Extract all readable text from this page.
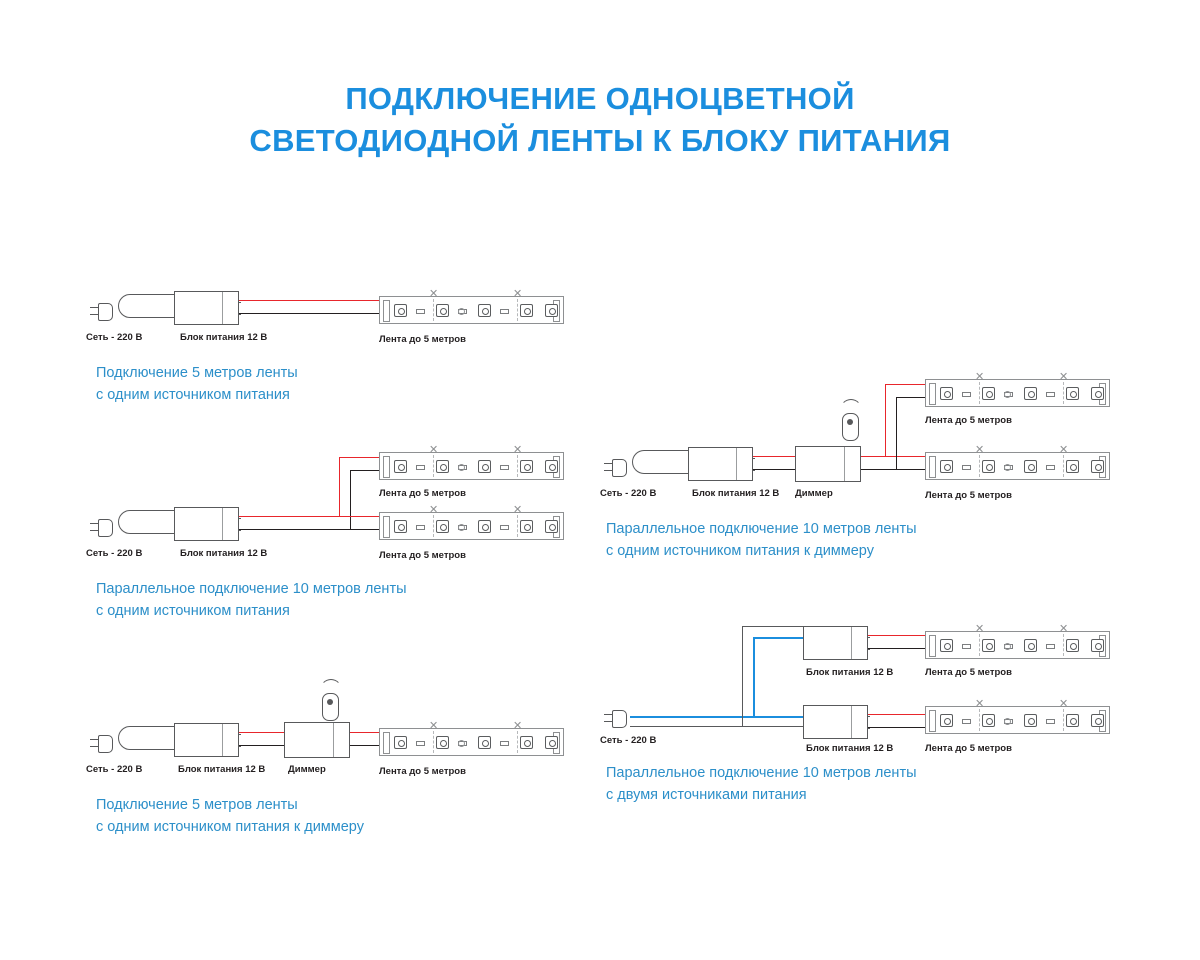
ПОДКЛЮЧЕНИЕ ОДНОЦВЕТНОЙ
СВЕТОДИОДНОЙ ЛЕНТЫ К БЛОКУ ПИТАНИЯ
✕	✕
Сеть - 220 В	Блок питания 12 В	Лента до 5 метров
Подключение 5 метров ленты
с одним источником питания
✕	✕
Лента до 5 метров
✕	✕
Сеть - 220 В	Блок питания 12 В	Лента до 5 метров
Параллельное подключение 10 метров ленты
с одним источником питания
✕	✕
Сеть - 220 В	Блок питания 12 В Диммер	Лента до 5 метров
Подключение 5 метров ленты
с одним источником питания к диммеру
✕	✕
Лента до 5 метров
✕	✕
Сеть - 220 В	Блок питания 12 В Диммер	Лента до 5 метров
Параллельное подключение 10 метров ленты
с одним источником питания к диммеру
✕	✕
Лента до 5 метров
Блок питания 12 В
✕	✕
Сеть - 220 В
Блок питания 12 В	Лента до 5 метров
Параллельное подключение 10 метров ленты
с двумя источниками питания
